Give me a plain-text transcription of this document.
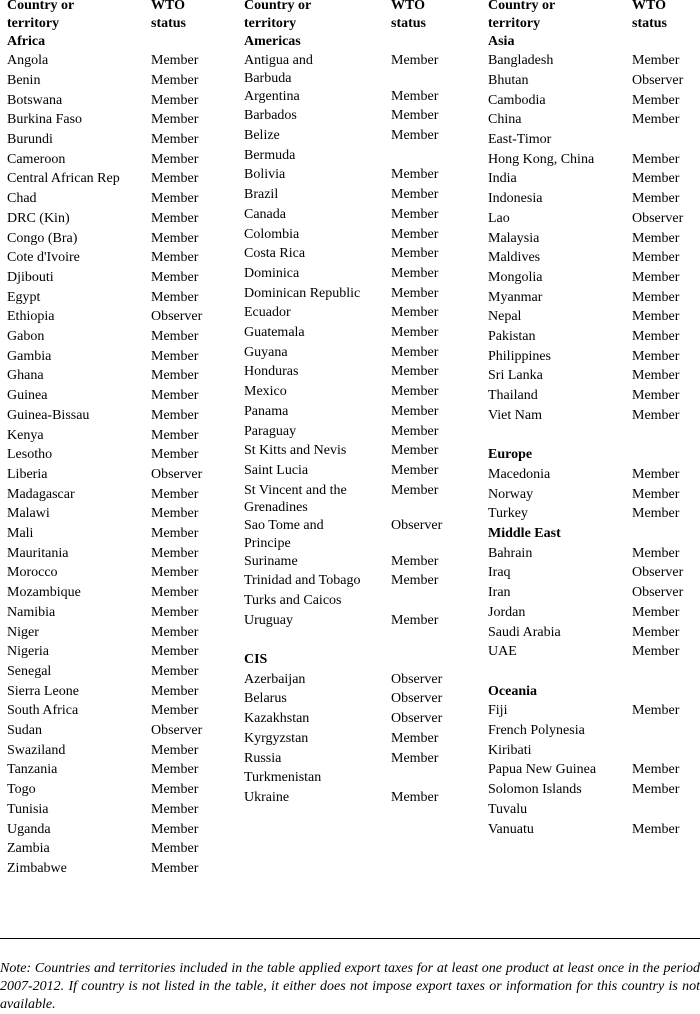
Country or
territory
WTO
status
Africa
Angola	Member
Benin	Member
Botswana	Member
Burkina Faso	Member
Burundi	Member
Cameroon	Member
Central African Rep Member
Chad	Member
DRC (Kin)	Member
Congo (Bra)	Member
Cote d'Ivoire	Member
Djibouti	Member
Egypt	Member
Ethiopia	Observer
Gabon	Member
Gambia	Member
Ghana	Member
Guinea	Member
Guinea-Bissau	Member
Kenya	Member
Lesotho	Member
Liberia	Observer
Madagascar	Member
Malawi	Member
Mali	Member
Mauritania	Member
Morocco	Member
Mozambique	Member
Namibia	Member
Niger	Member
Nigeria	Member
Senegal	Member
Sierra Leone	Member
South Africa	Member
Sudan	Observer
Swaziland	Member
Tanzania	Member
Togo	Member
Tunisia	Member
Uganda	Member
Zambia	Member
Zimbabwe	Member
Country or
territory
WTO
status
Americas
Antigua and
Barbuda
Member
Argentina	Member
Barbados	Member
Belize	Member
Bermuda
Bolivia	Member
Brazil	Member
Canada	Member
Colombia	Member
Costa Rica	Member
Dominica	Member
Dominican Republic Member
Ecuador	Member
Guatemala	Member
Guyana	Member
Honduras	Member
Mexico	Member
Panama	Member
Paraguay	Member
St Kitts and Nevis	Member
Saint Lucia	Member
St Vincent and the
Grenadines
Member
Sao Tome and
Principe
Observer
Suriname	Member
Trinidad and Tobago Member
Turks and Caicos
Uruguay	Member
CIS
Azerbaijan	Observer
Belarus	Observer
Kazakhstan	Observer
Kyrgyzstan	Member
Russia	Member
Turkmenistan
Ukraine	Member
Country or
territory
WTO
status
Asia
Bangladesh	Member
Bhutan	Observer
Cambodia	Member
China	Member
East-Timor
Hong Kong, China	Member
India	Member
Indonesia	Member
Lao	Observer
Malaysia	Member
Maldives	Member
Mongolia	Member
Myanmar	Member
Nepal	Member
Pakistan	Member
Philippines	Member
Sri Lanka	Member
Thailand	Member
Viet Nam	Member
Europe
Macedonia	Member
Norway	Member
Turkey	Member
Middle East
Bahrain	Member
Iraq	Observer
Iran	Observer
Jordan	Member
Saudi Arabia	Member
UAE	Member
Oceania
Fiji	Member
French Polynesia
Kiribati
Papua New Guinea	Member
Solomon Islands	Member
Tuvalu
Vanuatu	Member

Note: Countries and territories included in the table applied export taxes for at least one product at least once in the period 2007-2012. If country is not listed in the table, it either does not impose export taxes or information for this country is not available.
